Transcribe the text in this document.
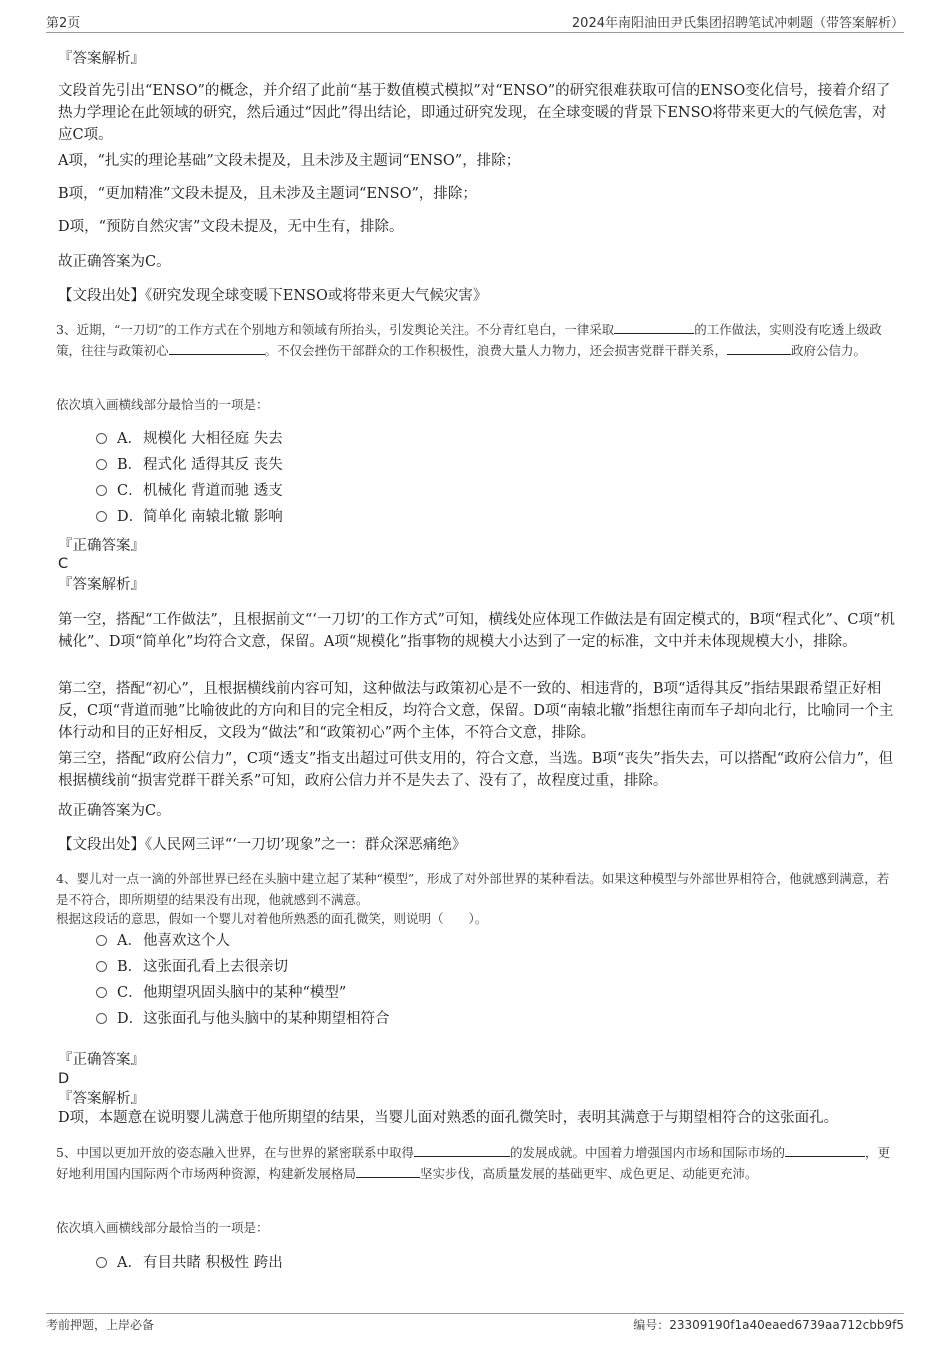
第2页	2024年南阳油田尹氏集团招聘笔试冲刺题（带答案解析）
『答案解析』
文段首先引出“ENSO”的概念，并介绍了此前“基于数值模式模拟”对“ENSO”的研究很难获取可信的ENSO变化信号，接着介绍了热力学理论在此领域的研究，然后通过“因此”得出结论，即通过研究发现，在全球变暖的背景下ENSO将带来更大的气候危害，对应C项。
A项，“扎实的理论基础”文段未提及，且未涉及主题词“ENSO”，排除；
B项，“更加精准”文段未提及，且未涉及主题词“ENSO”，排除；
D项，“预防自然灾害”文段未提及，无中生有，排除。
故正确答案为C。
【文段出处】《研究发现全球变暖下ENSO或将带来更大气候灾害》
3、近期，“一刀切”的工作方式在个别地方和领域有所抬头，引发舆论关注。不分青红皂白，一律采取	的工作做法，实则没有吃透上级政策，往往与政策初心	。不仅会挫伤干部群众的工作积极性，浪费大量人力物力，还会损害党群干群关系，	政府公信力。
依次填入画横线部分最恰当的一项是：
A．规模化 大相径庭 失去
B．程式化 适得其反 丧失
C．机械化 背道而驰 透支
D．简单化 南辕北辙 影响
『正确答案』
C
『答案解析』
第一空，搭配“工作做法”，且根据前文“‘一刀切’的工作方式”可知，横线处应体现工作做法是有固定模式的，B项“程式化”、C项“机械化”、D项“简单化”均符合文意，保留。A项“规模化”指事物的规模大小达到了一定的标准，文中并未体现规模大小，排除。
第二空，搭配“初心”，且根据横线前内容可知，这种做法与政策初心是不一致的、相违背的，B项“适得其反”指结果跟希望正好相反，C项“背道而驰”比喻彼此的方向和目的完全相反，均符合文意，保留。D项“南辕北辙”指想往南而车子却向北行，比喻同一个主体行动和目的正好相反，文段为“做法”和“政策初心”两个主体，不符合文意，排除。
第三空，搭配“政府公信力”，C项“透支”指支出超过可供支用的，符合文意，当选。B项“丧失”指失去，可以搭配“政府公信力”，但根据横线前“损害党群干群关系”可知，政府公信力并不是失去了、没有了，故程度过重，排除。
故正确答案为C。
【文段出处】《人民网三评“‘一刀切’现象”之一：群众深恶痛绝》
4、婴儿对一点一滴的外部世界已经在头脑中建立起了某种“模型”，形成了对外部世界的某种看法。如果这种模型与外部世界相符合，他就感到满意，若是不符合，即所期望的结果没有出现，他就感到不满意。
根据这段话的意思，假如一个婴儿对着他所熟悉的面孔微笑，则说明（　　）。
A．他喜欢这个人
B．这张面孔看上去很亲切
C．他期望巩固头脑中的某种“模型”
D．这张面孔与他头脑中的某种期望相符合
『正确答案』
D
『答案解析』
D项，本题意在说明婴儿满意于他所期望的结果，当婴儿面对熟悉的面孔微笑时，表明其满意于与期望相符合的这张面孔。
5、中国以更加开放的姿态融入世界，在与世界的紧密联系中取得	的发展成就。中国着力增强国内市场和国际市场的	，更好地利用国内国际两个市场两种资源，构建新发展格局	坚实步伐，高质量发展的基础更牢、成色更足、动能更充沛。
依次填入画横线部分最恰当的一项是：
A．有目共睹 积极性 跨出
考前押题，上岸必备	编号：23309190f1a40eaed6739aa712cbb9f5
